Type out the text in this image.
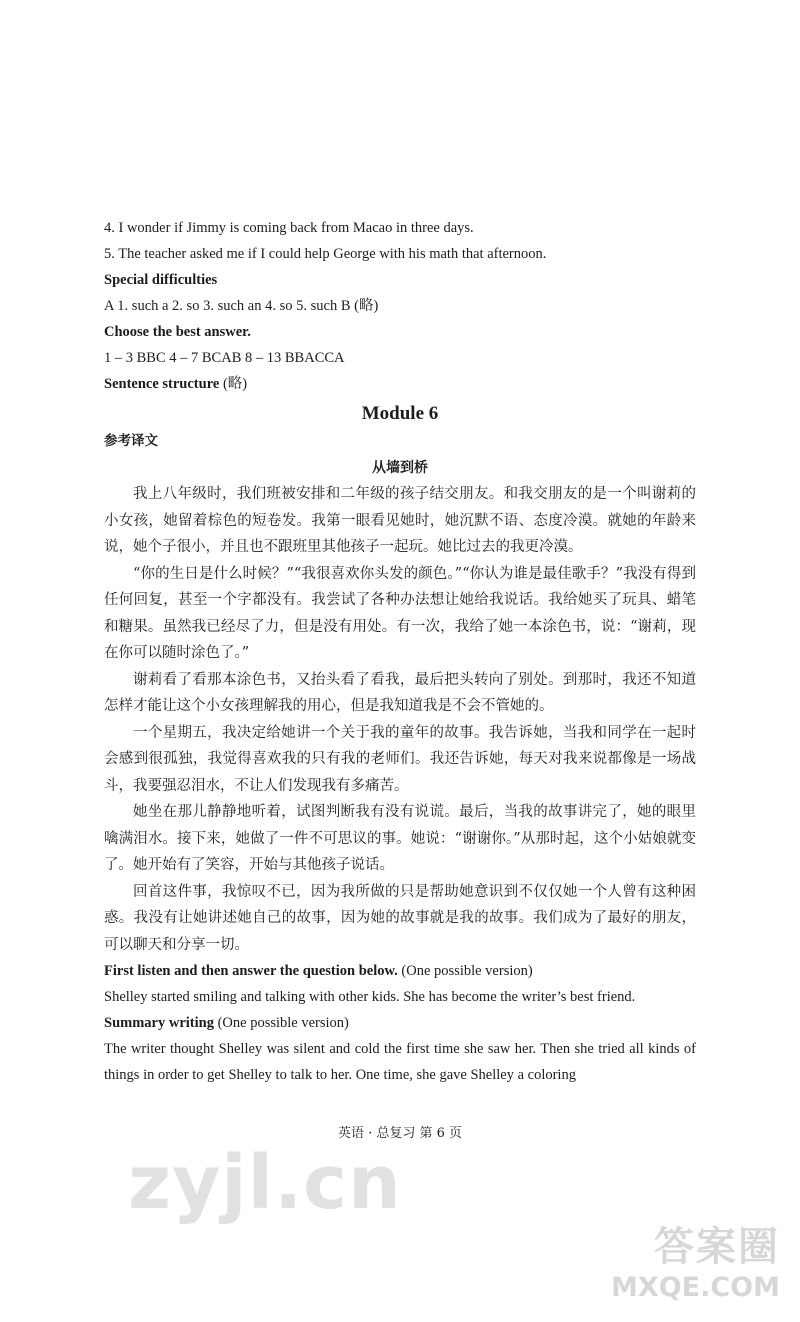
4. I wonder if Jimmy is coming back from Macao in three days.
5. The teacher asked me if I could help George with his math that afternoon.
Special difficulties
A 1. such a 2. so 3. such an 4. so 5. such B (略)
Choose the best answer.
1 – 3 BBC 4 – 7 BCAB 8 – 13 BBACCA
Sentence structure (略)
Module 6
参考译文
从墙到桥

我上八年级时，我们班被安排和二年级的孩子结交朋友。和我交朋友的是一个叫谢莉的小女孩，她留着棕色的短卷发。我第一眼看见她时，她沉默不语、态度冷漠。就她的年龄来说，她个子很小，并且也不跟班里其他孩子一起玩。她比过去的我更冷漠。

“你的生日是什么时候？”“我很喜欢你头发的颜色。”“你认为谁是最佳歌手？”我没有得到任何回复，甚至一个字都没有。我尝试了各种办法想让她给我说话。我给她买了玩具、蜡笔和糖果。虽然我已经尽了力，但是没有用处。有一次，我给了她一本涂色书，说：“谢莉，现在你可以随时涂色了。”

谢莉看了看那本涂色书，又抬头看了看我，最后把头转向了别处。到那时，我还不知道怎样才能让这个小女孩理解我的用心，但是我知道我是不会不管她的。

一个星期五，我决定给她讲一个关于我的童年的故事。我告诉她，当我和同学在一起时会感到很孤独，我觉得喜欢我的只有我的老师们。我还告诉她，每天对我来说都像是一场战斗，我要强忍泪水，不让人们发现我有多痛苦。

她坐在那儿静静地听着，试图判断我有没有说谎。最后，当我的故事讲完了，她的眼里噙满泪水。接下来，她做了一件不可思议的事。她说：“谢谢你。”从那时起，这个小姑娘就变了。她开始有了笑容，开始与其他孩子说话。

回首这件事，我惊叹不已，因为我所做的只是帮助她意识到不仅仅她一个人曾有这种困惑。我没有让她讲述她自己的故事，因为她的故事就是我的故事。我们成为了最好的朋友，可以聊天和分享一切。

First listen and then answer the question below. (One possible version)

Shelley started smiling and talking with other kids. She has become the writer’s best friend.

Summary writing (One possible version)

The writer thought Shelley was silent and cold the first time she saw her. Then she tried all kinds of things in order to get Shelley to talk to her. One time, she gave Shelley a coloring

英语 · 总复习 第 6 页
zyjl.cn
答案圈
MXQE.COM
